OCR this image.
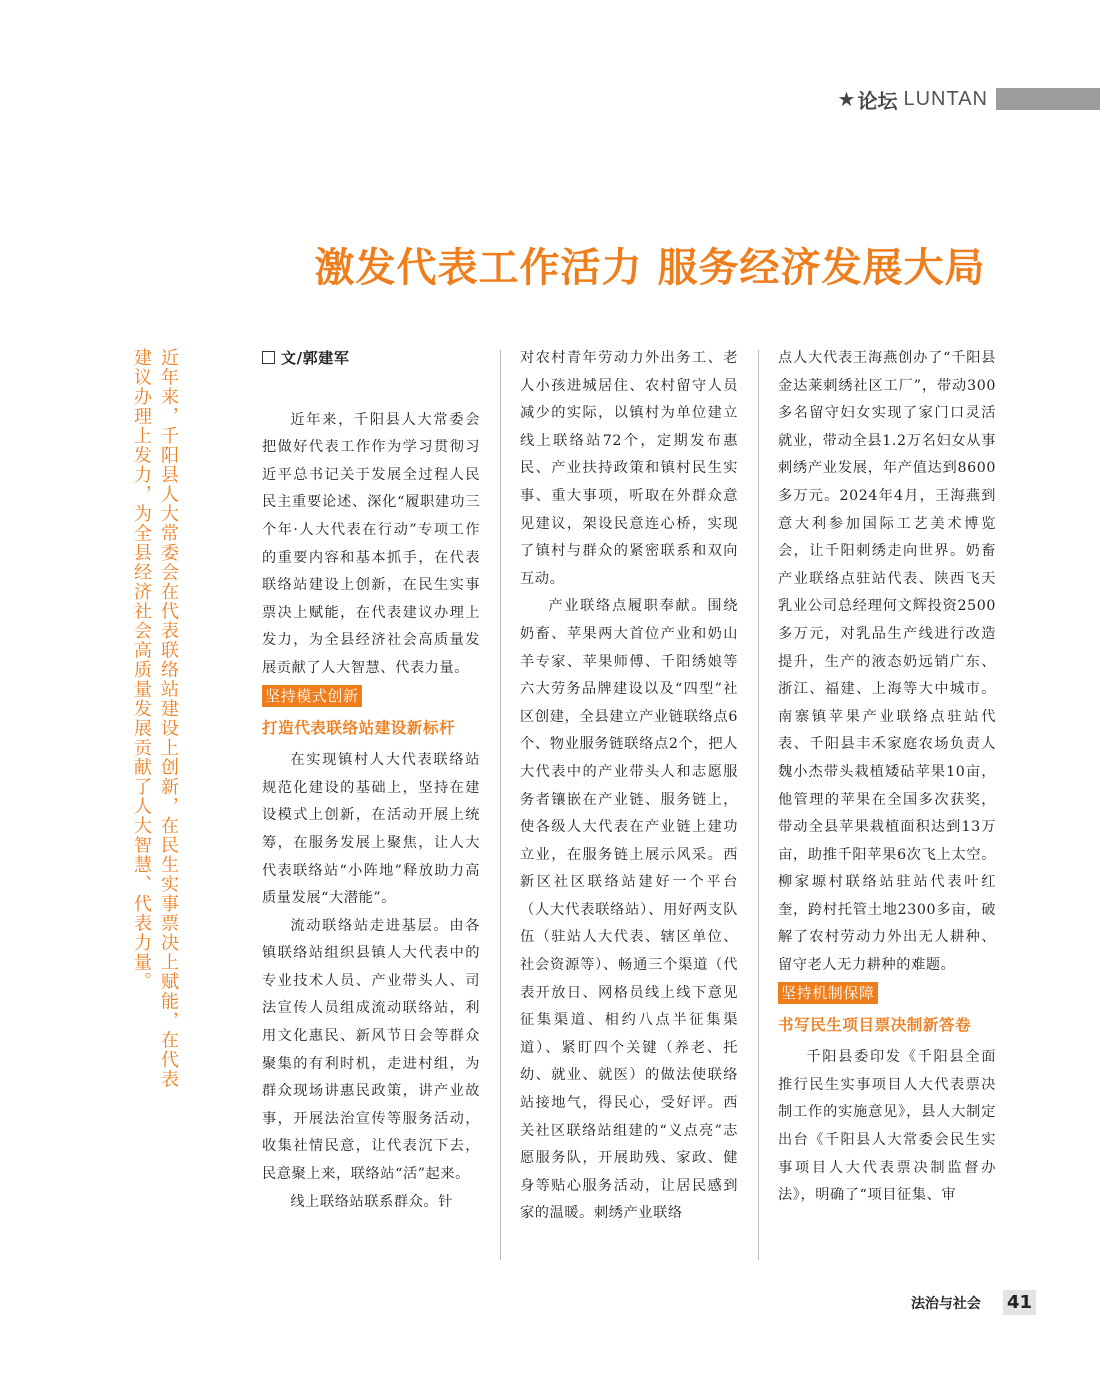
★ 论坛 LUNTAN
激发代表工作活力 服务经济发展大局
近年来，千阳县人大常委会在代表联络站建设上创新，在民生实事票决上赋能，在代表建议办理上发力，为全县经济社会高质量发展贡献了人大智慧、代表力量。	文/郭建军

近年来，千阳县人大常委会把做好代表工作作为学习贯彻习近平总书记关于发展全过程人民民主重要论述、深化“履职建功三个年·人大代表在行动”专项工作的重要内容和基本抓手，在代表联络站建设上创新，在民生实事票决上赋能，在代表建议办理上发力，为全县经济社会高质量发展贡献了人大智慧、代表力量。

坚持模式创新
打造代表联络站建设新标杆

在实现镇村人大代表联络站规范化建设的基础上，坚持在建设模式上创新，在活动开展上统筹，在服务发展上聚焦，让人大代表联络站“小阵地”释放助力高质量发展“大潜能”。

流动联络站走进基层。由各镇联络站组织县镇人大代表中的专业技术人员、产业带头人、司法宣传人员组成流动联络站，利用文化惠民、新风节日会等群众聚集的有利时机，走进村组，为群众现场讲惠民政策，讲产业故事，开展法治宣传等服务活动，收集社情民意，让代表沉下去，民意聚上来，联络站“活”起来。

线上联络站联系群众。针

对农村青年劳动力外出务工、老人小孩进城居住、农村留守人员减少的实际，以镇村为单位建立线上联络站72个，定期发布惠民、产业扶持政策和镇村民生实事、重大事项，听取在外群众意见建议，架设民意连心桥，实现了镇村与群众的紧密联系和双向互动。

产业联络点履职奉献。围绕奶畜、苹果两大首位产业和奶山羊专家、苹果师傅、千阳绣娘等六大劳务品牌建设以及“四型”社区创建，全县建立产业链联络点6个、物业服务链联络点2个，把人大代表中的产业带头人和志愿服务者镶嵌在产业链、服务链上，使各级人大代表在产业链上建功立业，在服务链上展示风采。西新区社区联络站建好一个平台（人大代表联络站）、用好两支队伍（驻站人大代表、辖区单位、社会资源等）、畅通三个渠道（代表开放日、网格员线上线下意见征集渠道、相约八点半征集渠道）、紧盯四个关键（养老、托幼、就业、就医）的做法使联络站接地气，得民心，受好评。西关社区联络站组建的“义点亮”志愿服务队，开展助残、家政、健身等贴心服务活动，让居民感到家的温暖。刺绣产业联络

点人大代表王海燕创办了“千阳县金达莱刺绣社区工厂”，带动300多名留守妇女实现了家门口灵活就业，带动全县1.2万名妇女从事刺绣产业发展，年产值达到8600多万元。2024年4月，王海燕到意大利参加国际工艺美术博览会，让千阳刺绣走向世界。奶畜产业联络点驻站代表、陕西飞天乳业公司总经理何文辉投资2500多万元，对乳品生产线进行改造提升，生产的液态奶远销广东、浙江、福建、上海等大中城市。南寨镇苹果产业联络点驻站代表、千阳县丰禾家庭农场负责人魏小杰带头栽植矮砧苹果10亩，他管理的苹果在全国多次获奖，带动全县苹果栽植面积达到13万亩，助推千阳苹果6次飞上太空。柳家塬村联络站驻站代表叶红奎，跨村托管土地2300多亩，破解了农村劳动力外出无人耕种、留守老人无力耕种的难题。

坚持机制保障
书写民生项目票决制新答卷

千阳县委印发《千阳县全面推行民生实事项目人大代表票决制工作的实施意见》，县人大制定出台《千阳县人大常委会民生实事项目人大代表票决制监督办法》，明确了“项目征集、审

法治与社会 41
